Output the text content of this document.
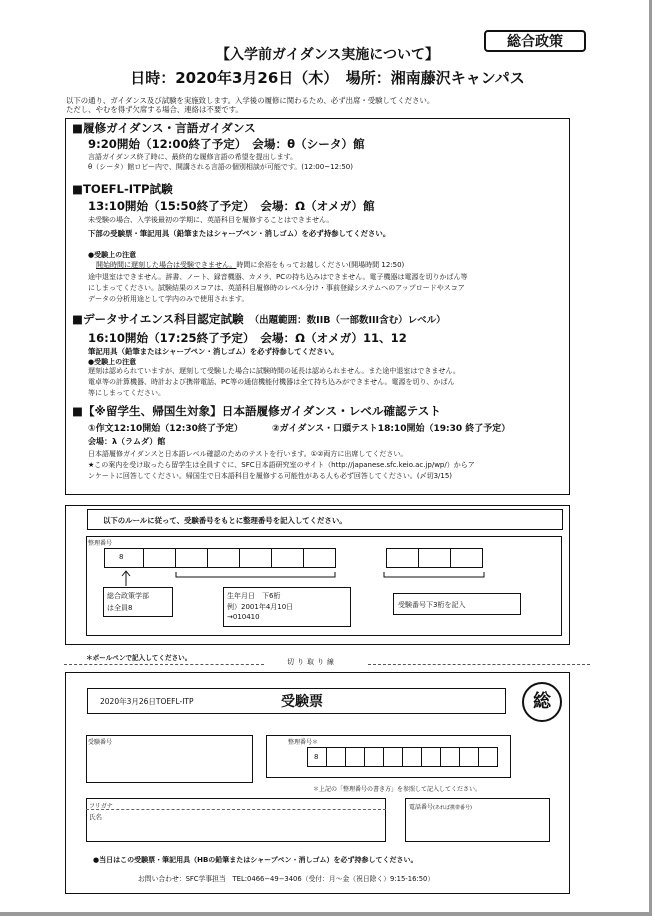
総合政策
【入学前ガイダンス実施について】
日時：2020年3月26日（木）　場所：湘南藤沢キャンパス
以下の通り、ガイダンス及び試験を実施致します。入学後の履修に関わるため、必ず出席・受験してください。
ただし、やむを得ず欠席する場合、連絡は不要です。
■履修ガイダンス・言語ガイダンス
9:20開始（12:00終了予定）　会場：θ（シータ）館
言語ガイダンス終了時に、最終的な履修言語の希望を提出します。
θ（シータ）館ロビー内で、開講される言語の個別相談が可能です。(12:00~12:50)
■TOEFL-ITP試験
13:10開始（15:50終了予定）　会場：Ω（オメガ）館
未受験の場合、入学後最初の学期に、英語科目を履修することはできません。
下部の受験票・筆記用具（鉛筆またはシャープペン・消しゴム）を必ず持参してください。
●受験上の注意
開始時間に遅刻した場合は受験できません。時間に余裕をもってお越しください(開場時間 12:50)
途中退室はできません。辞書、ノート、録音機器、カメラ、PCの持ち込みはできません。電子機器は電源を切りかばん等
にしまってください。試験結果のスコアは、英語科目履修時のレベル分け・事前登録システムへのアップロードやスコア
データの分析用途として学内のみで使用されます。
■データサイエンス科目認定試験 （出題範囲：数IIB（一部数III含む）レベル）
16:10開始（17:25終了予定）　会場：Ω（オメガ）11、12
筆記用具（鉛筆またはシャープペン・消しゴム）を必ず持参してください。
●受験上の注意
遅刻は認められていますが、遅刻して受験した場合に試験時間の延長は認められません。また途中退室はできません。
電卓等の計算機器、時計および携帯電話、PC等の通信機能付機器は全て持ち込みができません。電源を切り、かばん
等にしまってください。
■【※留学生、帰国生対象】日本語履修ガイダンス・レベル確認テスト
①作文12:10開始（12:30終了予定）	②ガイダンス・口頭テスト18:10開始（19:30 終了予定）
会場：λ（ラムダ）館
日本語履修ガイダンスと日本語レベル確認のためのテストを行います。①②両方に出席してください。
★この案内を受け取ったら留学生は全員すぐに、SFC日本語研究室のサイト（http://japanese.sfc.keio.ac.jp/wp/）からア
ンケートに回答してください。帰国生で日本語科目を履修する可能性がある人も必ず回答してください。(〆切3/15)
以下のルールに従って、受験番号をもとに整理番号を記入してください。
整理番号
8
総合政策学部
は全員8
生年月日　下6桁
例）2001年4月10日
→010410
受験番号下3桁を記入
＊ボールペンで記入してください。	切り取り線
2020年3月26日TOEFL-ITP	受験票	総
受験番号	整理番号＊
8
＊上記の「整理番号の書き方」を参照して記入してください。
フリガナ
氏名
電話番号(あれば携帯番号)
●当日はこの受験票・筆記用具（HBの鉛筆またはシャープペン・消しゴム）を必ず持参してください。
お問い合わせ：SFC学事担当　TEL:0466−49−3406（受付：月〜金（祝日除く）9:15-16:50）
